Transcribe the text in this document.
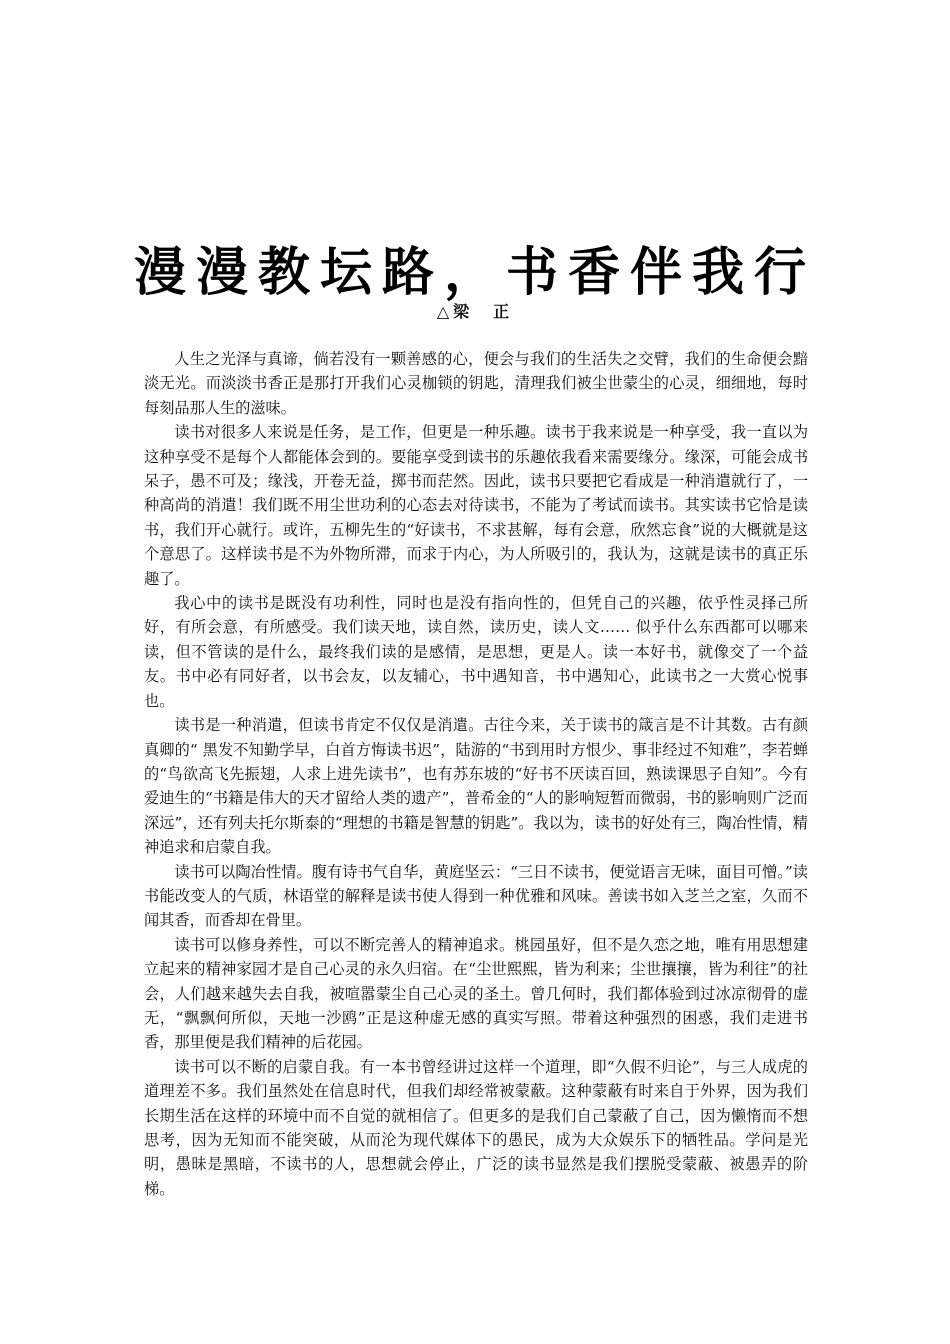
漫漫教坛路，书香伴我行
△梁　正

人生之光泽与真谛，倘若没有一颗善感的心，便会与我们的生活失之交臂，我们的生命便会黯淡无光。而淡淡书香正是那打开我们心灵枷锁的钥匙，清理我们被尘世蒙尘的心灵，细细地，每时每刻品那人生的滋味。

读书对很多人来说是任务，是工作，但更是一种乐趣。读书于我来说是一种享受，我一直以为这种享受不是每个人都能体会到的。要能享受到读书的乐趣依我看来需要缘分。缘深，可能会成书呆子，愚不可及；缘浅，开卷无益，掷书而茫然。因此，读书只要把它看成是一种消遣就行了，一种高尚的消遣！我们既不用尘世功利的心态去对待读书，不能为了考试而读书。其实读书它恰是读书，我们开心就行。或许，五柳先生的“好读书，不求甚解，每有会意，欣然忘食”说的大概就是这个意思了。这样读书是不为外物所滞，而求于内心，为人所吸引的，我认为，这就是读书的真正乐趣了。

我心中的读书是既没有功利性，同时也是没有指向性的，但凭自己的兴趣，依乎性灵择己所好，有所会意，有所感受。我们读天地，读自然，读历史，读人文…… 似乎什么东西都可以哪来读，但不管读的是什么，最终我们读的是感情，是思想，更是人。读一本好书，就像交了一个益友。书中必有同好者，以书会友，以友辅心，书中遇知音，书中遇知心，此读书之一大赏心悦事也。

读书是一种消遣，但读书肯定不仅仅是消遣。古往今来，关于读书的箴言是不计其数。古有颜真卿的“ 黑发不知勤学早，白首方悔读书迟”，陆游的“书到用时方恨少、事非经过不知难”，李若蝉的“鸟欲高飞先振翅，人求上进先读书”，也有苏东坡的“好书不厌读百回，熟读课思子自知”。今有爱迪生的“书籍是伟大的天才留给人类的遗产”，普希金的“人的影响短暂而微弱，书的影响则广泛而深远”，还有列夫托尔斯泰的“理想的书籍是智慧的钥匙”。我以为，读书的好处有三，陶冶性情，精神追求和启蒙自我。

读书可以陶冶性情。腹有诗书气自华，黄庭坚云：“三日不读书，便觉语言无味，面目可憎。”读书能改变人的气质，林语堂的解释是读书使人得到一种优雅和风味。善读书如入芝兰之室，久而不闻其香，而香却在骨里。

读书可以修身养性，可以不断完善人的精神追求。桃园虽好，但不是久恋之地，唯有用思想建立起来的精神家园才是自己心灵的永久归宿。在“尘世熙熙，皆为利来；尘世攘攘，皆为利往”的社会，人们越来越失去自我，被喧嚣蒙尘自己心灵的圣土。曾几何时，我们都体验到过冰凉彻骨的虚无，“飘飘何所似，天地一沙鸥”正是这种虚无感的真实写照。带着这种强烈的困惑，我们走进书香，那里便是我们精神的后花园。

读书可以不断的启蒙自我。有一本书曾经讲过这样一个道理，即“久假不归论”，与三人成虎的道理差不多。我们虽然处在信息时代，但我们却经常被蒙蔽。这种蒙蔽有时来自于外界，因为我们长期生活在这样的环境中而不自觉的就相信了。但更多的是我们自己蒙蔽了自己，因为懒惰而不想思考，因为无知而不能突破，从而沦为现代媒体下的愚民，成为大众娱乐下的牺牲品。学问是光明，愚昧是黑暗，不读书的人，思想就会停止，广泛的读书显然是我们摆脱受蒙蔽、被愚弄的阶梯。
